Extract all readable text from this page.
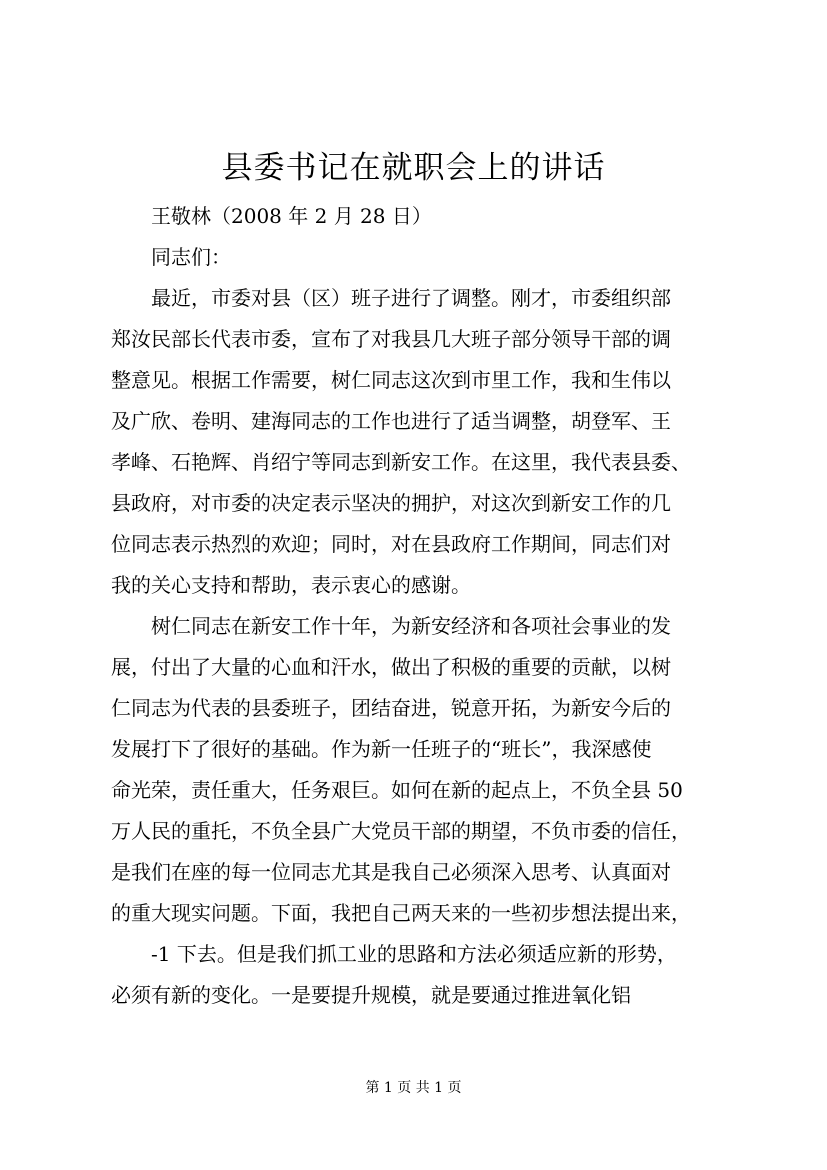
县委书记在就职会上的讲话
王敬林（2008 年 2 月 28 日）
同志们：
最近，市委对县（区）班子进行了调整。刚才，市委组织部
郑汝民部长代表市委，宣布了对我县几大班子部分领导干部的调
整意见。根据工作需要，树仁同志这次到市里工作，我和生伟以
及广欣、卷明、建海同志的工作也进行了适当调整，胡登军、王
孝峰、石艳辉、肖绍宁等同志到新安工作。在这里，我代表县委、
县政府，对市委的决定表示坚决的拥护，对这次到新安工作的几
位同志表示热烈的欢迎；同时，对在县政府工作期间，同志们对
我的关心支持和帮助，表示衷心的感谢。
树仁同志在新安工作十年，为新安经济和各项社会事业的发
展，付出了大量的心血和汗水，做出了积极的重要的贡献，以树
仁同志为代表的县委班子，团结奋进，锐意开拓，为新安今后的
发展打下了很好的基础。作为新一任班子的“班长”，我深感使
命光荣，责任重大，任务艰巨。如何在新的起点上，不负全县 50
万人民的重托，不负全县广大党员干部的期望，不负市委的信任，
是我们在座的每一位同志尤其是我自己必须深入思考、认真面对
的重大现实问题。下面，我把自己两天来的一些初步想法提出来，
-1 下去。但是我们抓工业的思路和方法必须适应新的形势，
必须有新的变化。一是要提升规模，就是要通过推进氧化铝
第 1 页 共 1 页
